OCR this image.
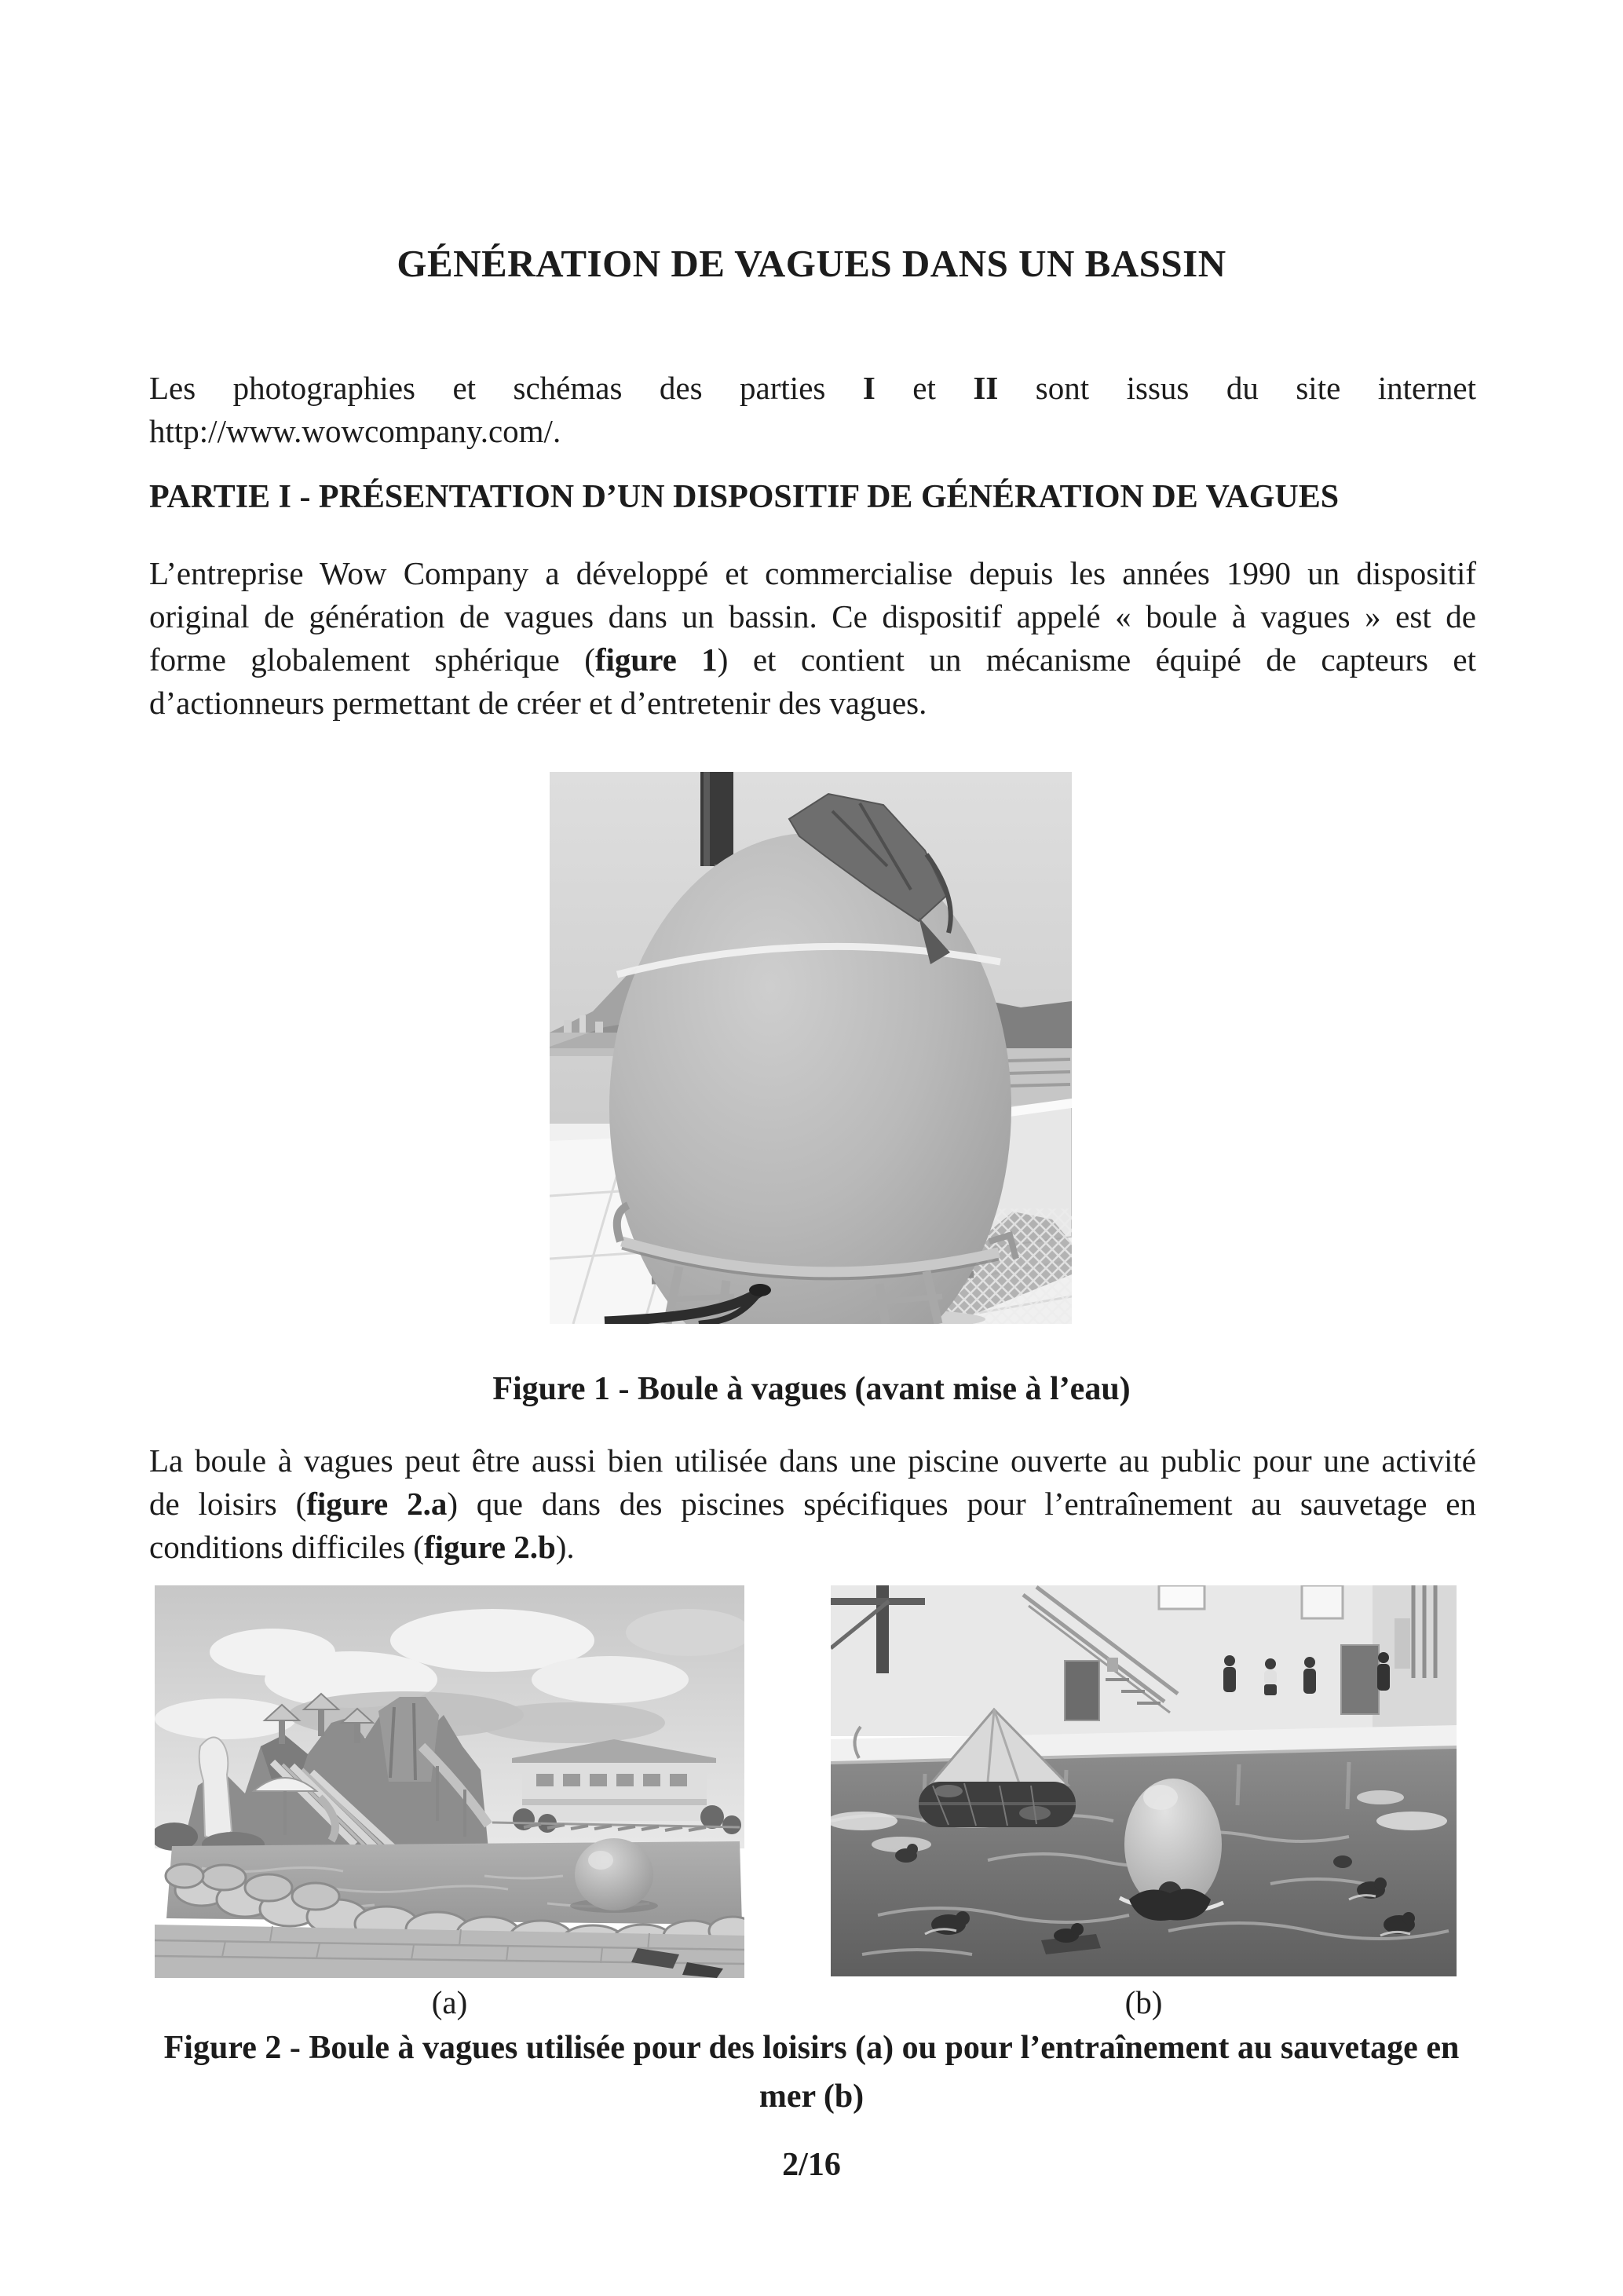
GÉNÉRATION DE VAGUES DANS UN BASSIN
Les photographies et schémas des parties I et II sont issus du site internet
http://www.wowcompany.com/.
PARTIE I - PRÉSENTATION D’UN DISPOSITIF DE GÉNÉRATION DE VAGUES
L’entreprise Wow Company a développé et commercialise depuis les années 1990 un dispositif
original de génération de vagues dans un bassin. Ce dispositif appelé « boule à vagues » est de
forme globalement sphérique (figure 1) et contient un mécanisme équipé de capteurs et
d’actionneurs permettant de créer et d’entretenir des vagues.
Figure 1 - Boule à vagues (avant mise à l’eau)
La boule à vagues peut être aussi bien utilisée dans une piscine ouverte au public pour une activité
de loisirs (figure 2.a) que dans des piscines spécifiques pour l’entraînement au sauvetage en
conditions difficiles (figure 2.b).
(a)	(b)
Figure 2 - Boule à vagues utilisée pour des loisirs (a) ou pour l’entraînement au sauvetage en
mer (b)
2/16
